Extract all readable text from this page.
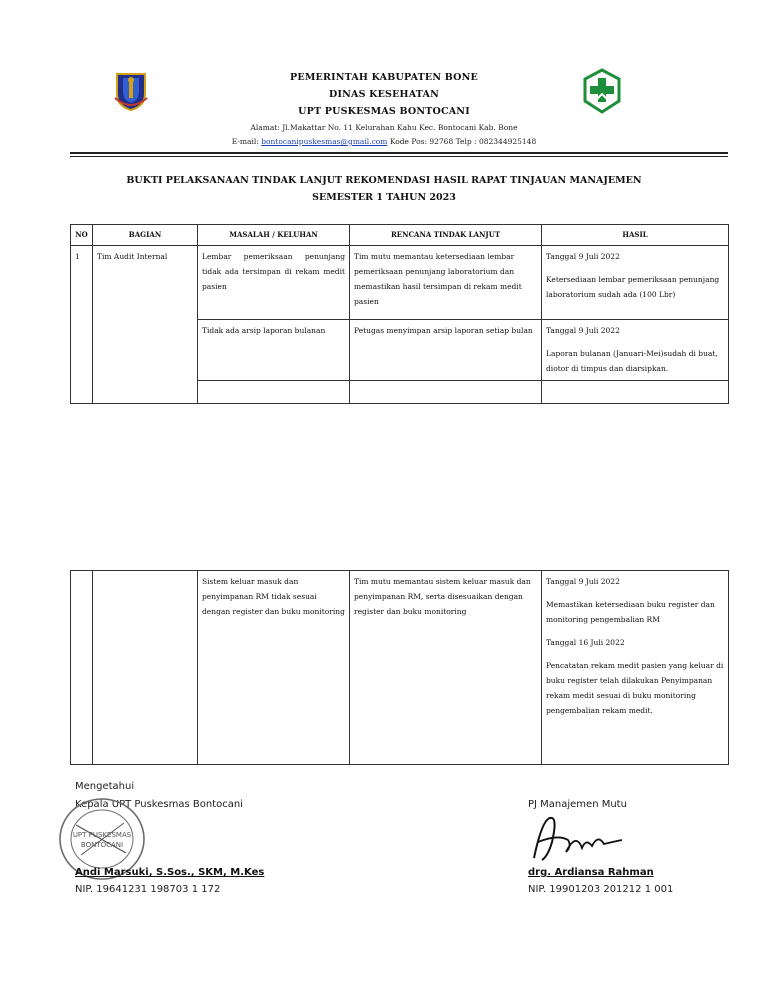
PEMERINTAH KABUPATEN BONE
DINAS KESEHATAN
UPT PUSKESMAS BONTOCANI
Alamat: Jl.Makattar No. 11 Kelurahan Kahu Kec. Bontocani Kab. Bone
E-mail: bontocanipuskesmas@gmail.com Kode Pos: 92768 Telp : 082344925148
BUKTI PELAKSANAAN TINDAK LANJUT REKOMENDASI HASIL RAPAT TINJAUAN MANAJEMEN
SEMESTER 1 TAHUN 2023
NO	BAGIAN	MASALAH / KELUHAN	RENCANA TINDAK LANJUT	HASIL
1	Tim Audit Internal	Lembar pemeriksaan penunjang tidak ada tersimpan di rekam medit pasien	Tim mutu memantau ketersediaan lembar pemeriksaan penunjang laboratorium dan memastikan hasil tersimpan di rekam medit pasien	Tanggal 9 Juli 2022
Ketersediaan lembar pemeriksaan penunjang laboratorium sudah ada (100 Lbr)
		Tidak ada arsip laporan bulanan	Petugas menyimpan arsip laporan setiap bulan	Tanggal 9 Juli 2022
Laporan bulanan (Januari-Mei)sudah di buat, diotor di timpus dan diarsipkan.

		Sistem keluar masuk dan penyimpanan RM tidak sesuai dengan register dan buku monitoring	Tim mutu memantau sistem keluar masuk dan penyimpanan RM, serta disesuaikan dengan register dan buku monitoring	Tanggal 9 Juli 2022
Memastikan ketersediaan buku register dan monitoring pengembalian RM
Tanggal 16 Juli 2022
Pencatatan rekam medit pasien yang keluar di buku register telah dilakukan Penyimpanan rekam medit sesuai di buku monitoring pengembalian rekam medit.
Mengetahui
Kepala UPT Puskesmas Bontocani
UPT PUSKESMAS
BONTOCANI
Andi Marsuki, S.Sos., SKM, M.Kes
NIP. 19641231 198703 1 172
PJ Manajemen Mutu
drg. Ardiansa Rahman
NIP. 19901203 201212 1 001
